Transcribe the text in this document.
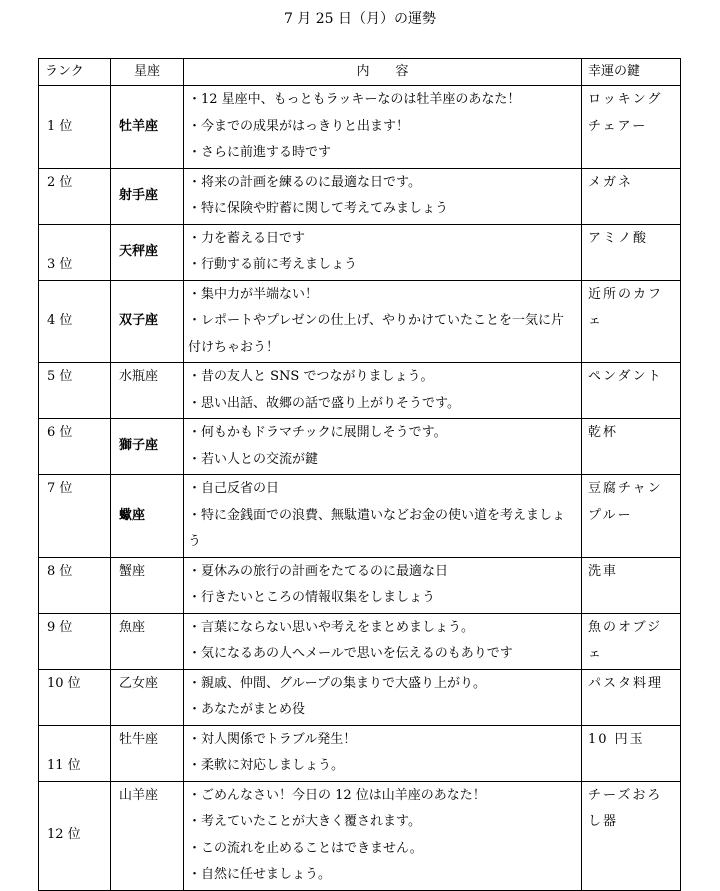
7 月 25 日（月）の運勢
ランク	星座	内　　容	幸運の鍵
1 位	牡羊座	・12 星座中、もっともラッキーなのは牡羊座のあなた！
・今までの成果がはっきりと出ます！
・さらに前進する時です	ロッキングチェアー
2 位	射手座	・将来の計画を練るのに最適な日です。
・特に保険や貯蓄に関して考えてみましょう	メガネ
3 位	天秤座	・力を蓄える日です
・行動する前に考えましょう	アミノ酸
4 位	双子座	・集中力が半端ない！
・レポートやプレゼンの仕上げ、やりかけていたことを一気に片付けちゃおう！	近所のカフェ
5 位	水瓶座	・昔の友人と SNS でつながりましょう。
・思い出話、故郷の話で盛り上がりそうです。	ペンダント
6 位	獅子座	・何もかもドラマチックに展開しそうです。
・若い人との交流が鍵	乾杯
7 位	蠍座	・自己反省の日
・特に金銭面での浪費、無駄遣いなどお金の使い道を考えましょう	豆腐チャンプルー
8 位	蟹座	・夏休みの旅行の計画をたてるのに最適な日
・行きたいところの情報収集をしましょう	洗車
9 位	魚座	・言葉にならない思いや考えをまとめましょう。
・気になるあの人へメールで思いを伝えるのもありです	魚のオブジェ
10 位	乙女座	・親戚、仲間、グループの集まりで大盛り上がり。
・あなたがまとめ役	パスタ料理
11 位	牡牛座	・対人関係でトラブル発生！
・柔軟に対応しましょう。	10 円玉
12 位	山羊座	・ごめんなさい！今日の 12 位は山羊座のあなた！
・考えていたことが大きく覆されます。
・この流れを止めることはできません。
・自然に任せましょう。	チーズおろし器
